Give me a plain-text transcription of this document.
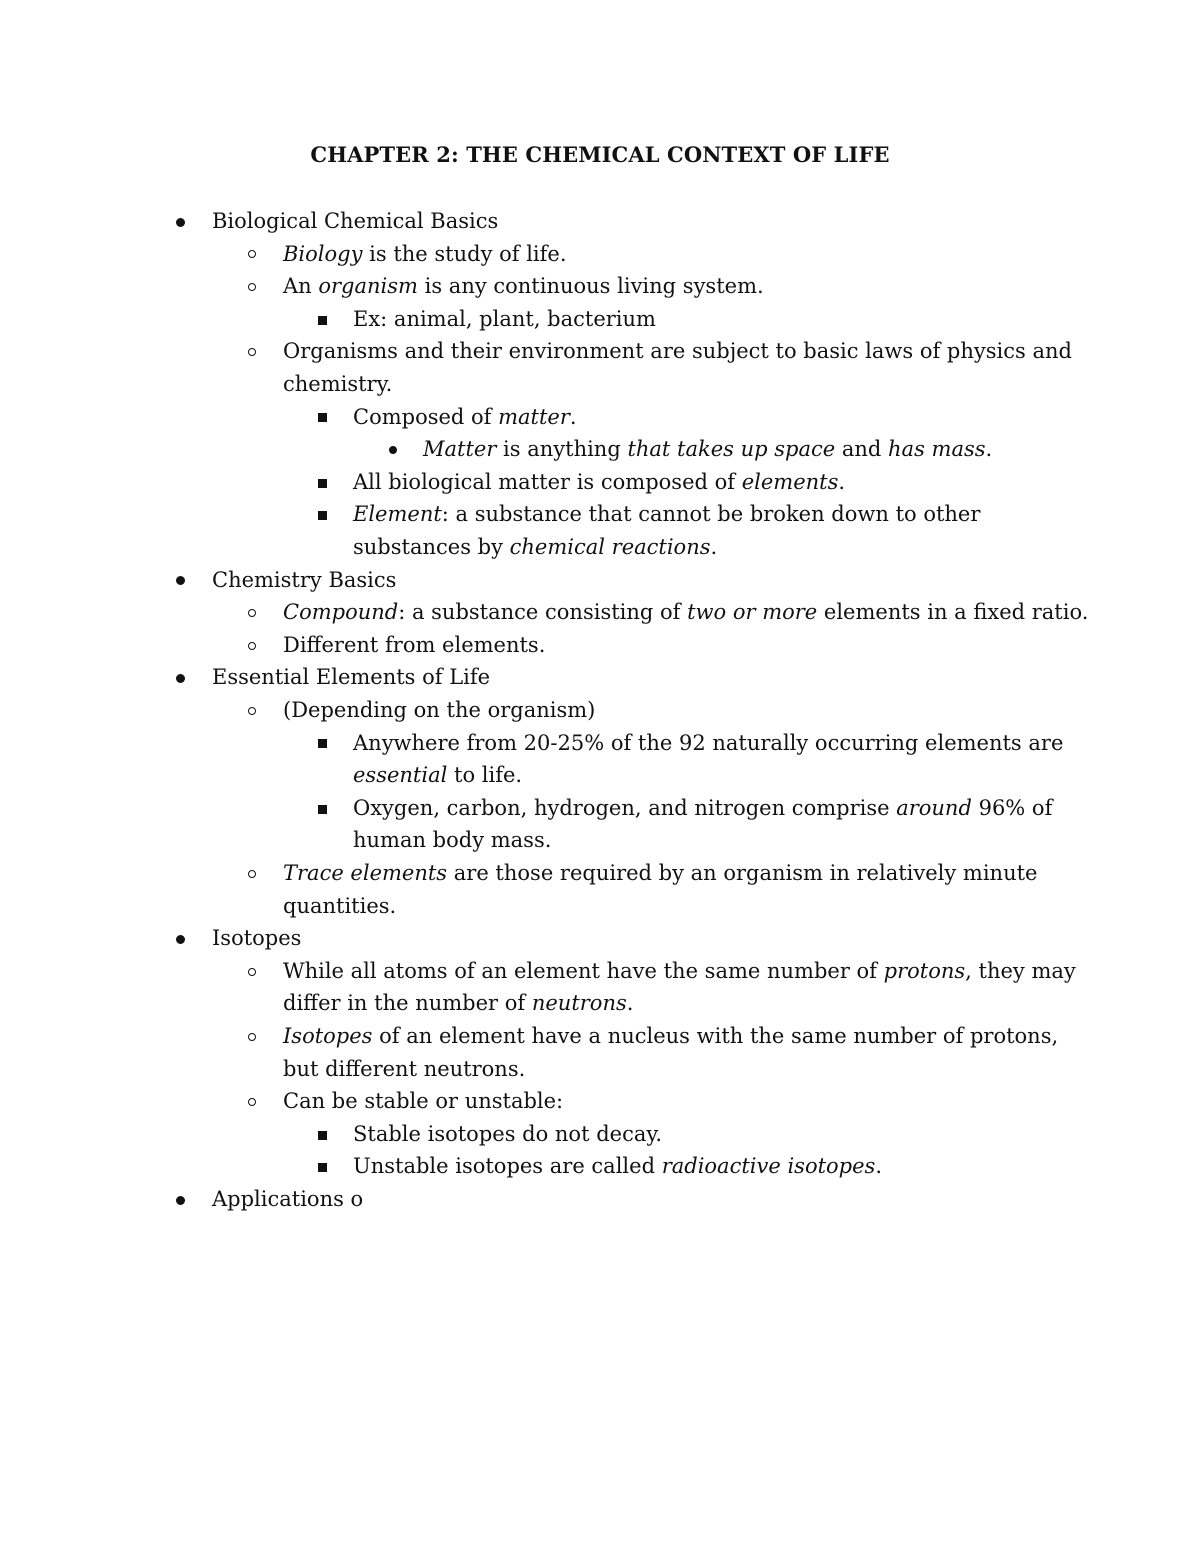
CHAPTER 2: THE CHEMICAL CONTEXT OF LIFE
Biological Chemical Basics
Biology is the study of life.
An organism is any continuous living system.
Ex: animal, plant, bacterium
Organisms and their environment are subject to basic laws of physics and
chemistry.
Composed of matter.
Matter is anything that takes up space and has mass.
All biological matter is composed of elements.
Element: a substance that cannot be broken down to other
substances by chemical reactions.
Chemistry Basics
Compound: a substance consisting of two or more elements in a fixed ratio.
Different from elements.
Essential Elements of Life
(Depending on the organism)
Anywhere from 20-25% of the 92 naturally occurring elements are
essential to life.
Oxygen, carbon, hydrogen, and nitrogen comprise around 96% of
human body mass.
Trace elements are those required by an organism in relatively minute
quantities.
Isotopes
While all atoms of an element have the same number of protons, they may
differ in the number of neutrons.
Isotopes of an element have a nucleus with the same number of protons,
but different neutrons.
Can be stable or unstable:
Stable isotopes do not decay.
Unstable isotopes are called radioactive isotopes.
Applications o
